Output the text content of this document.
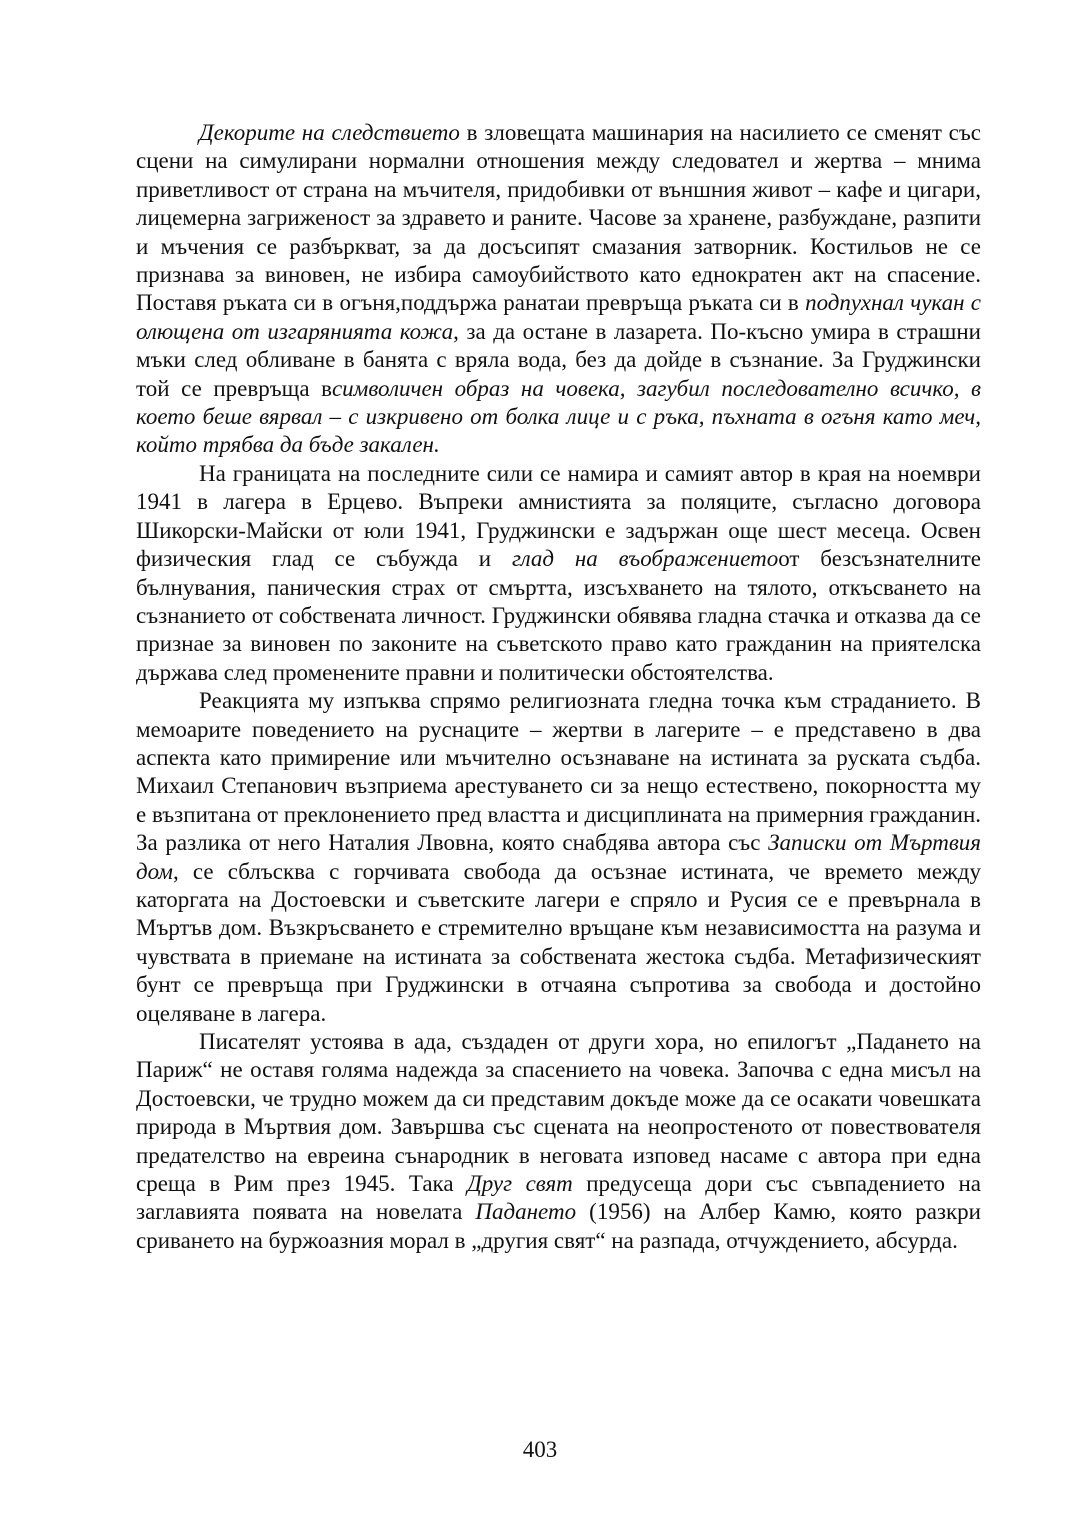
Декорите на следствието в зловещата машинария на насилието се сменят със сцени на симулирани нормални отношения между следовател и жертва – мнима приветливост от страна на мъчителя, придобивки от външния живот – кафе и цигари, лицемерна загриженост за здравето и раните. Часове за хранене, разбуждане, разпити и мъчения се разбъркват, за да досъсипят смазания затворник. Костильов не се признава за виновен, не избира самоубийството като еднократен акт на спасение. Поставя ръката си в огъня,поддържа ранатаи превръща ръката си в подпухнал чукан с олющена от изгарянията кожа, за да остане в лазарета. По-късно умира в страшни мъки след обливане в банята с вряла вода, без да дойде в съзнание. За Груджински той се превръща всимволичен образ на човека, загубил последователно всичко, в което беше вярвал – с изкривено от болка лице и с ръка, пъхната в огъня като меч, който трябва да бъде закален.

На границата на последните сили се намира и самият автор в края на ноември 1941 в лагера в Ерцево. Въпреки амнистията за поляците, съгласно договора Шикорски-Майски от юли 1941, Груджински е задържан още шест месеца. Освен физическия глад се събужда и глад на въображениетоот безсъзнателните бълнувания, паническия страх от смъртта, изсъхването на тялото, откъсването на съзнанието от собствената личност. Груджински обявява гладна стачка и отказва да се признае за виновен по законите на съветското право като гражданин на приятелска държава след променените правни и политически обстоятелства.

Реакцията му изпъква спрямо религиозната гледна точка към страданието. В мемоарите поведението на руснаците – жертви в лагерите – е представено в два аспекта като примирение или мъчително осъзнаване на истината за руската съдба. Михаил Степанович възприема арестуването си за нещо естествено, покорността му е възпитана от преклонението пред властта и дисциплината на примерния гражданин. За разлика от него Наталия Лвовна, която снабдява автора със Записки от Мъртвия дом, се сблъсква с горчивата свобода да осъзнае истината, че времето между каторгата на Достоевски и съветските лагери е спряло и Русия се е превърнала в Мъртъв дом. Възкръсването е стремително връщане към независимостта на разума и чувствата в приемане на истината за собствената жестока съдба. Метафизическият бунт се превръща при Груджински в отчаяна съпротива за свобода и достойно оцеляване в лагера.

Писателят устоява в ада, създаден от други хора, но епилогът „Падането на Париж“ не оставя голяма надежда за спасението на човека. Започва с една мисъл на Достоевски, че трудно можем да си представим докъде може да се осакати човешката природа в Мъртвия дом. Завършва със сцената на неопростеното от повествователя предателство на евреина сънародник в неговата изповед насаме с автора при една среща в Рим през 1945. Така Друг свят предусеща дори със съвпадението на заглавията появата на новелата Падането (1956) на Албер Камю, която разкри сриването на буржоазния морал в „другия свят“ на разпада, отчуждението, абсурда.

403
